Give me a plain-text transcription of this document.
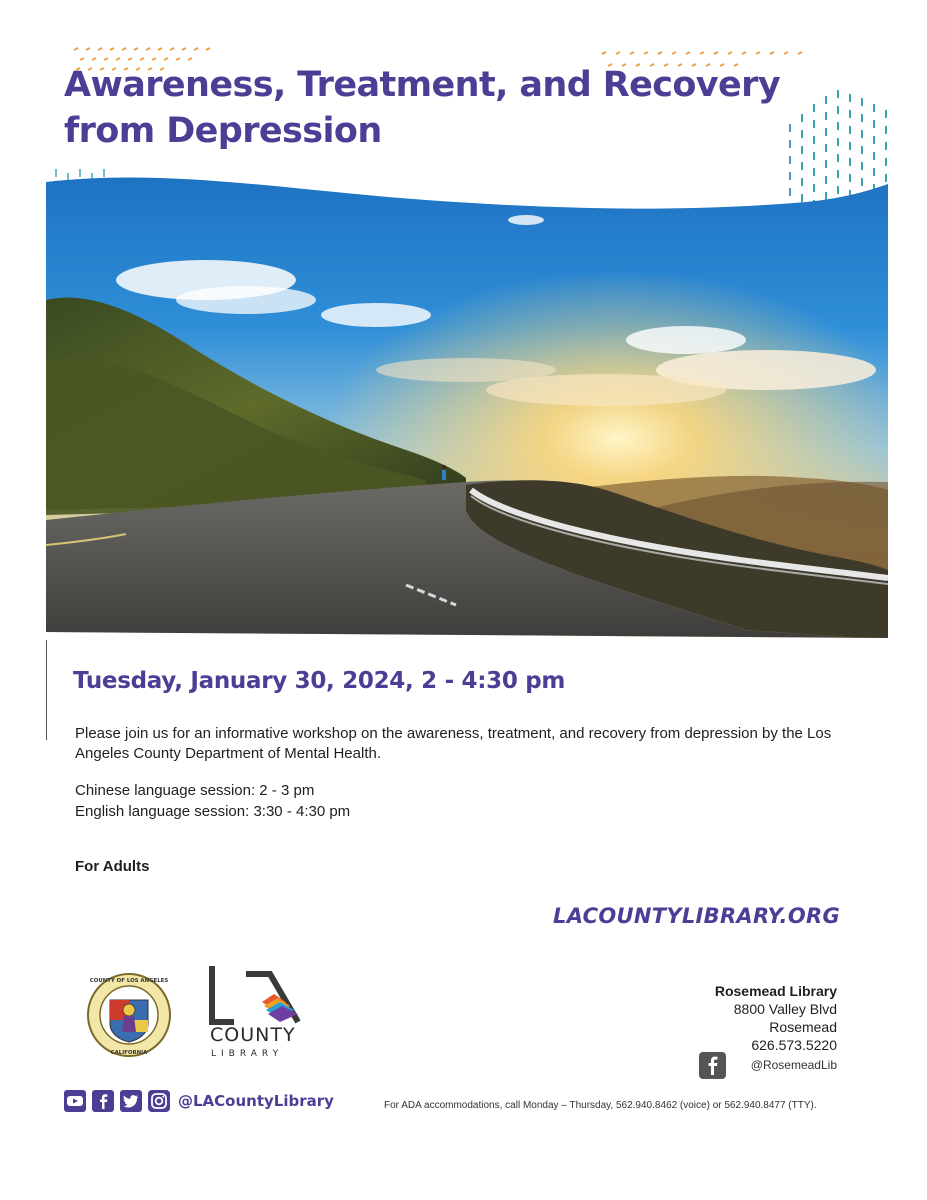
Awareness, Treatment, and Recovery
from Depression
Tuesday, January 30, 2024, 2 - 4:30 pm

Please join us for an informative workshop on the awareness, treatment, and recovery from depression by the Los Angeles County Department of Mental Health.

Chinese language session: 2 - 3 pm
English language session: 3:30 - 4:30 pm
For Adults
LACOUNTYLIBRARY.ORG
COUNTY OF LOS ANGELES
CALIFORNIA
COUNTY
LIBRARY
Rosemead Library
8800 Valley Blvd
Rosemead
626.573.5220
@RosemeadLib
@LACountyLibrary	For ADA accommodations, call Monday – Thursday, 562.940.8462 (voice) or 562.940.8477 (TTY).
